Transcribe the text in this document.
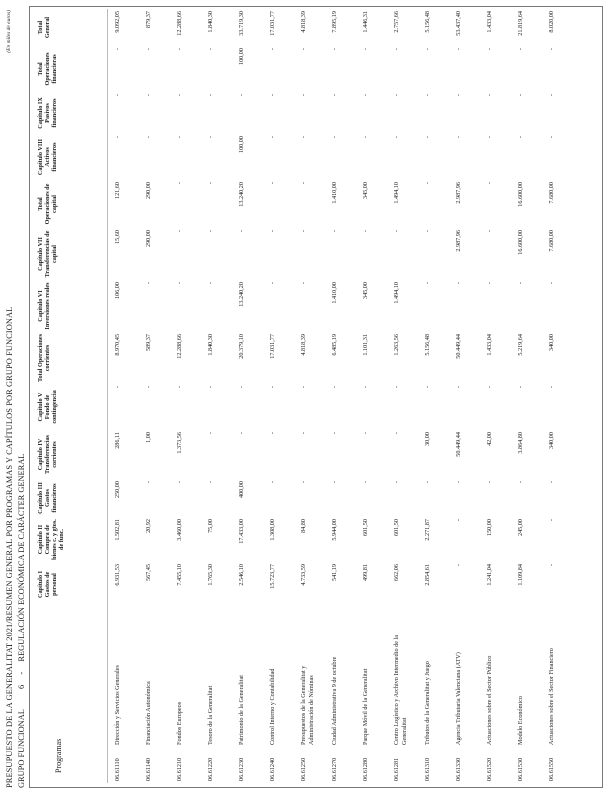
PRESUPUESTO DE LA GENERALITAT 2021/RESUMEN GENERAL POR PROGRAMAS Y CAPÍTULOS POR GRUPO FUNCIONAL
(En miles de euros)
GRUPO FUNCIONAL  6  -  REGULACIÓN ECONÓMICA DE CARÁCTER GENERAL
Programas	Capítulo I Gastos de personal	Capítulo II Compra de bienes c. y gtos. de func.	Capítulo III Gastos financieros	Capítulo IV Transferencias corrientes	Capítulo V Fondo de contingencia	Total Operaciones corrientes	Capítulo VI Inversiones reales	Capítulo VII Transferencias de capital	Total Operaciones de capital	Capítulo VIII Activos financieros	Capítulo IX Pasivos financieros	Total Operaciones financieras	Total General
06.61110Dirección y Servicios Generales	6.931,53	1.502,81	250,00	286,11	-	8.970,45	106,00	15,60	121,60	-	-	-	9.092,05
06.61140Financiación Autonómica	567,45	20,92	-	1,00	-	589,37	-	290,00	290,00	-	-	-	879,37
06.61210Fondos Europeos	7.455,10	3.460,00	-	1.373,56	-	12.288,66	-	-	-	-	-	-	12.288,66
06.61220Tesoro de la Generalitat	1.765,30	75,00	-	-	-	1.840,30	-	-	-	-	-	-	1.840,30
06.61230Patrimonio de la Generalitat	2.546,10	17.433,00	400,00	-	-	20.379,10	13.240,20	-	13.240,20	100,00	-	100,00	33.719,30
06.61240Control Interno y Contabilidad	15.723,77	1.308,00	-	-	-	17.031,77	-	-	-	-	-	-	17.031,77
06.61250Presupuestos de la Generalitat y Administración de Nóminas	4.733,59	84,80	-	-	-	4.818,39	-	-	-	-	-	-	4.818,39
06.61270Ciudad Administrativa 9 de octubre	541,19	5.944,00	-	-	-	6.485,19	1.410,00	-	1.410,00	-	-	-	7.895,19
06.61280Parque Móvil de la Generalitat	499,81	601,50	-	-	-	1.101,31	345,00	-	345,00	-	-	-	1.446,31
06.61281Centro Logístico y Archivo Intermedio de la Generalitat	662,06	601,50	-	-	-	1.263,56	1.494,10	-	1.494,10	-	-	-	2.757,66
06.61310Tributos de la Generalitat y Juego	2.854,61	2.271,87	-	30,00	-	5.156,48	-	-	-	-	-	-	5.156,48
06.61330Agencia Tributaria Valenciana (ATV)	-	-	-	50.449,44	-	50.449,44	-	2.987,96	2.987,96	-	-	-	53.437,40
06.61520Actuaciones sobre el Sector Público	1.241,04	150,00	-	42,00	-	1.433,04	-	-	-	-	-	-	1.433,04
06.61530Modelo Económico	1.109,84	245,00	-	3.864,80	-	5.219,64	-	16.600,00	16.600,00	-	-	-	21.819,64
06.61550Actuaciones sobre el Sector Financiero	-	-	-	340,00	-	340,00	-	7.680,00	7.680,00	-	-	-	8.020,00
